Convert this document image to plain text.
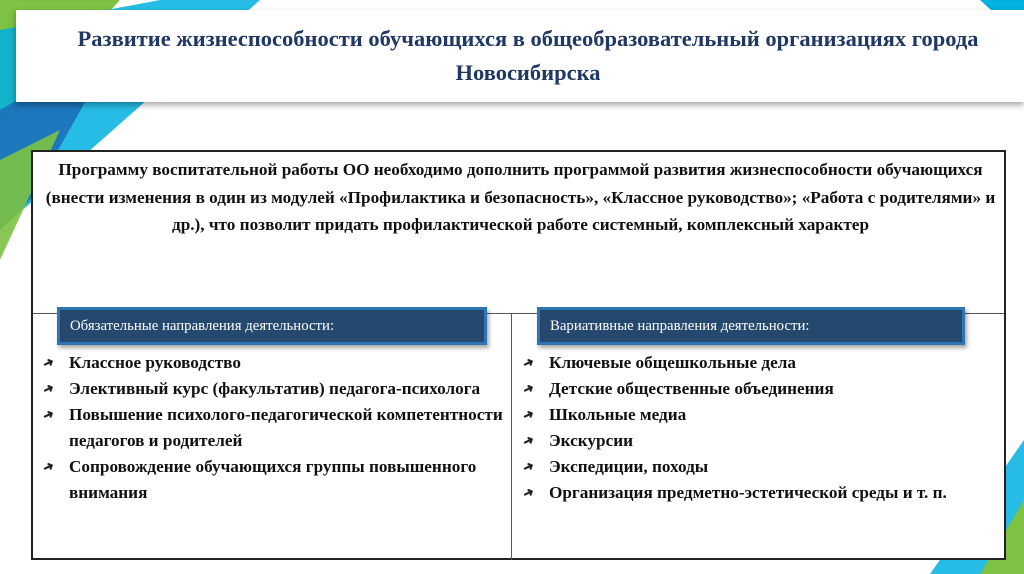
Развитие жизнеспособности обучающихся в общеобразовательный организациях города Новосибирска
Программу воспитательной работы ОО необходимо дополнить программой развития жизнеспособности обучающихся (внести изменения в один из модулей «Профилактика и безопасность», «Классное руководство»; «Работа с родителями» и др.), что позволит придать профилактической работе системный, комплексный характер
Обязательные направления деятельности:	Вариативные направления деятельности:
➜ Классное руководство
➜ Элективный курс (факультатив) педагога-психолога
➜ Повышение психолого-педагогической компетентности педагогов и родителей
➜ Сопровождение обучающихся группы повышенного внимания
➜ Ключевые общешкольные дела
➜ Детские общественные объединения
➜ Школьные медиа
➜ Экскурсии
➜ Экспедиции, походы
➜ Организация предметно-эстетической среды и т. п.
